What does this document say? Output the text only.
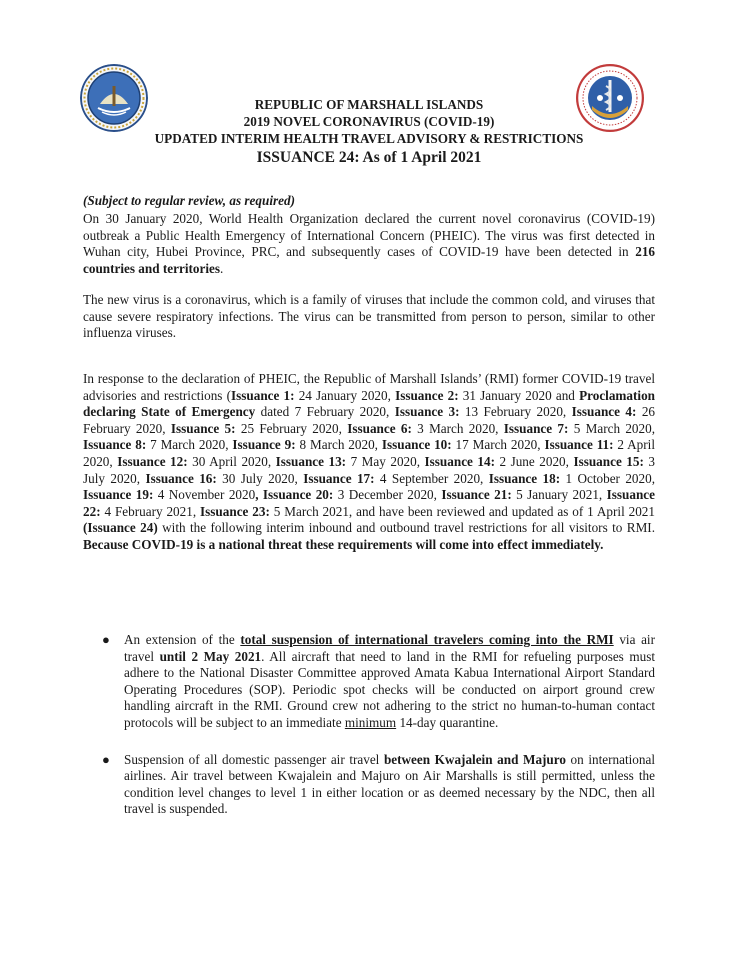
REPUBLIC OF MARSHALL ISLANDS
2019 NOVEL CORONAVIRUS (COVID-19)
UPDATED INTERIM HEALTH TRAVEL ADVISORY & RESTRICTIONS
ISSUANCE 24: As of 1 April 2021
(Subject to regular review, as required)
On 30 January 2020, World Health Organization declared the current novel coronavirus (COVID-19) outbreak a Public Health Emergency of International Concern (PHEIC). The virus was first detected in Wuhan city, Hubei Province, PRC, and subsequently cases of COVID-19 have been detected in 216 countries and territories.
The new virus is a coronavirus, which is a family of viruses that include the common cold, and viruses that cause severe respiratory infections. The virus can be transmitted from person to person, similar to other influenza viruses.
In response to the declaration of PHEIC, the Republic of Marshall Islands’ (RMI) former COVID-19 travel advisories and restrictions (Issuance 1: 24 January 2020, Issuance 2: 31 January 2020 and Proclamation declaring State of Emergency dated 7 February 2020, Issuance 3: 13 February 2020, Issuance 4: 26 February 2020, Issuance 5: 25 February 2020, Issuance 6: 3 March 2020, Issuance 7: 5 March 2020, Issuance 8: 7 March 2020, Issuance 9: 8 March 2020, Issuance 10: 17 March 2020, Issuance 11: 2 April 2020, Issuance 12: 30 April 2020, Issuance 13: 7 May 2020, Issuance 14: 2 June 2020, Issuance 15: 3 July 2020, Issuance 16: 30 July 2020, Issuance 17: 4 September 2020, Issuance 18: 1 October 2020, Issuance 19: 4 November 2020, Issuance 20: 3 December 2020, Issuance 21: 5 January 2021, Issuance 22: 4 February 2021, Issuance 23: 5 March 2021, and have been reviewed and updated as of 1 April 2021 (Issuance 24) with the following interim inbound and outbound travel restrictions for all visitors to RMI. Because COVID-19 is a national threat these requirements will come into effect immediately.
● An extension of the total suspension of international travelers coming into the RMI via air travel until 2 May 2021. All aircraft that need to land in the RMI for refueling purposes must adhere to the National Disaster Committee approved Amata Kabua International Airport Standard Operating Procedures (SOP). Periodic spot checks will be conducted on airport ground crew handling aircraft in the RMI. Ground crew not adhering to the strict no human-to-human contact protocols will be subject to an immediate minimum 14-day quarantine.
● Suspension of all domestic passenger air travel between Kwajalein and Majuro on international airlines. Air travel between Kwajalein and Majuro on Air Marshalls is still permitted, unless the condition level changes to level 1 in either location or as deemed necessary by the NDC, then all travel is suspended.
